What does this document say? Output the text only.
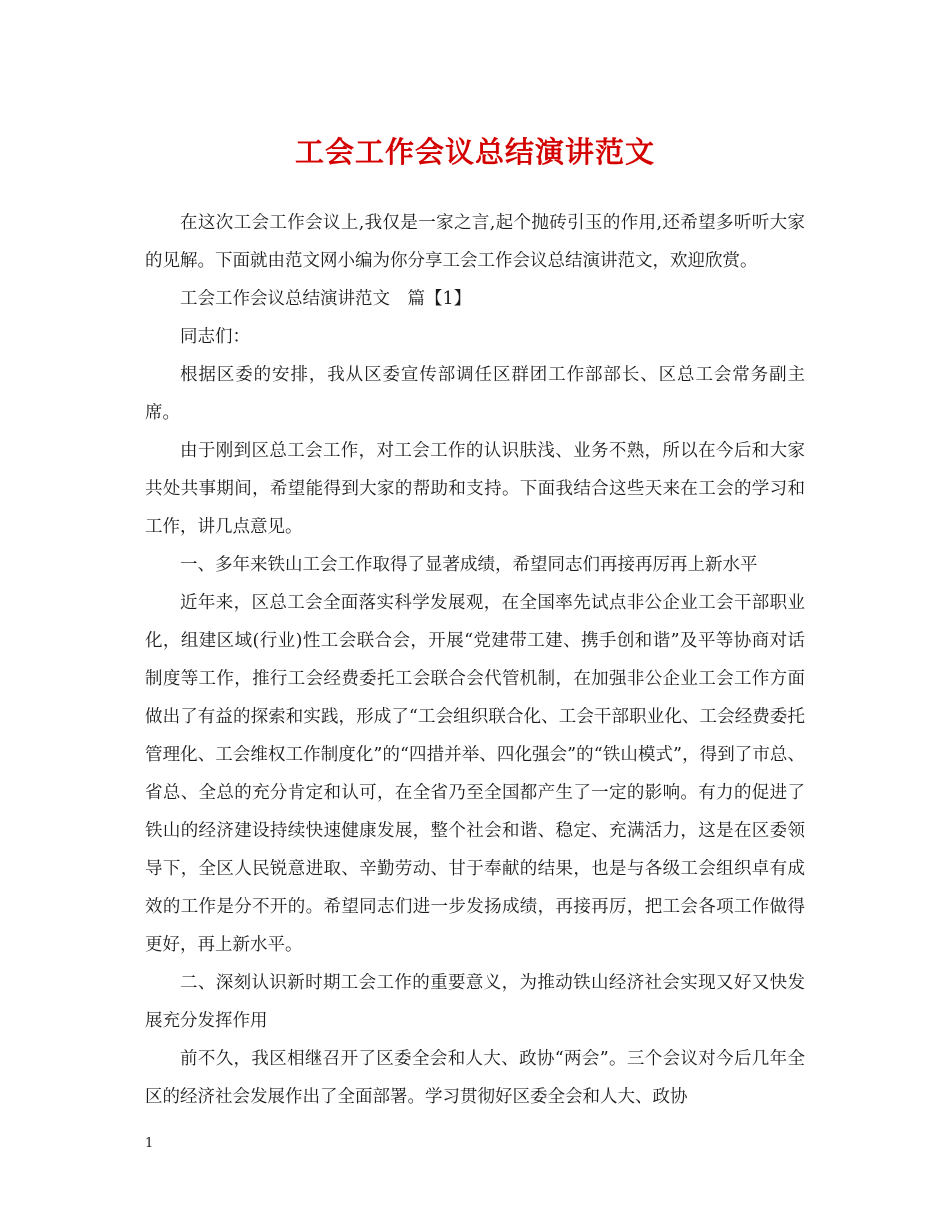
工会工作会议总结演讲范文

在这次工会工作会议上,我仅是一家之言,起个抛砖引玉的作用,还希望多听听大家的见解。下面就由范文网小编为你分享工会工作会议总结演讲范文，欢迎欣赏。

工会工作会议总结演讲范文　篇【1】

同志们：

根据区委的安排，我从区委宣传部调任区群团工作部部长、区总工会常务副主席。

由于刚到区总工会工作，对工会工作的认识肤浅、业务不熟，所以在今后和大家共处共事期间，希望能得到大家的帮助和支持。下面我结合这些天来在工会的学习和工作，讲几点意见。

一、多年来铁山工会工作取得了显著成绩，希望同志们再接再厉再上新水平

近年来，区总工会全面落实科学发展观，在全国率先试点非公企业工会干部职业化，组建区域(行业)性工会联合会，开展“党建带工建、携手创和谐”及平等协商对话制度等工作，推行工会经费委托工会联合会代管机制，在加强非公企业工会工作方面做出了有益的探索和实践，形成了“工会组织联合化、工会干部职业化、工会经费委托管理化、工会维权工作制度化”的“四措并举、四化强会”的“铁山模式”，得到了市总、省总、全总的充分肯定和认可，在全省乃至全国都产生了一定的影响。有力的促进了铁山的经济建设持续快速健康发展，整个社会和谐、稳定、充满活力，这是在区委领导下，全区人民锐意进取、辛勤劳动、甘于奉献的结果，也是与各级工会组织卓有成效的工作是分不开的。希望同志们进一步发扬成绩，再接再厉，把工会各项工作做得更好，再上新水平。

二、深刻认识新时期工会工作的重要意义，为推动铁山经济社会实现又好又快发展充分发挥作用

前不久，我区相继召开了区委全会和人大、政协“两会”。三个会议对今后几年全区的经济社会发展作出了全面部署。学习贯彻好区委全会和人大、政协

1
